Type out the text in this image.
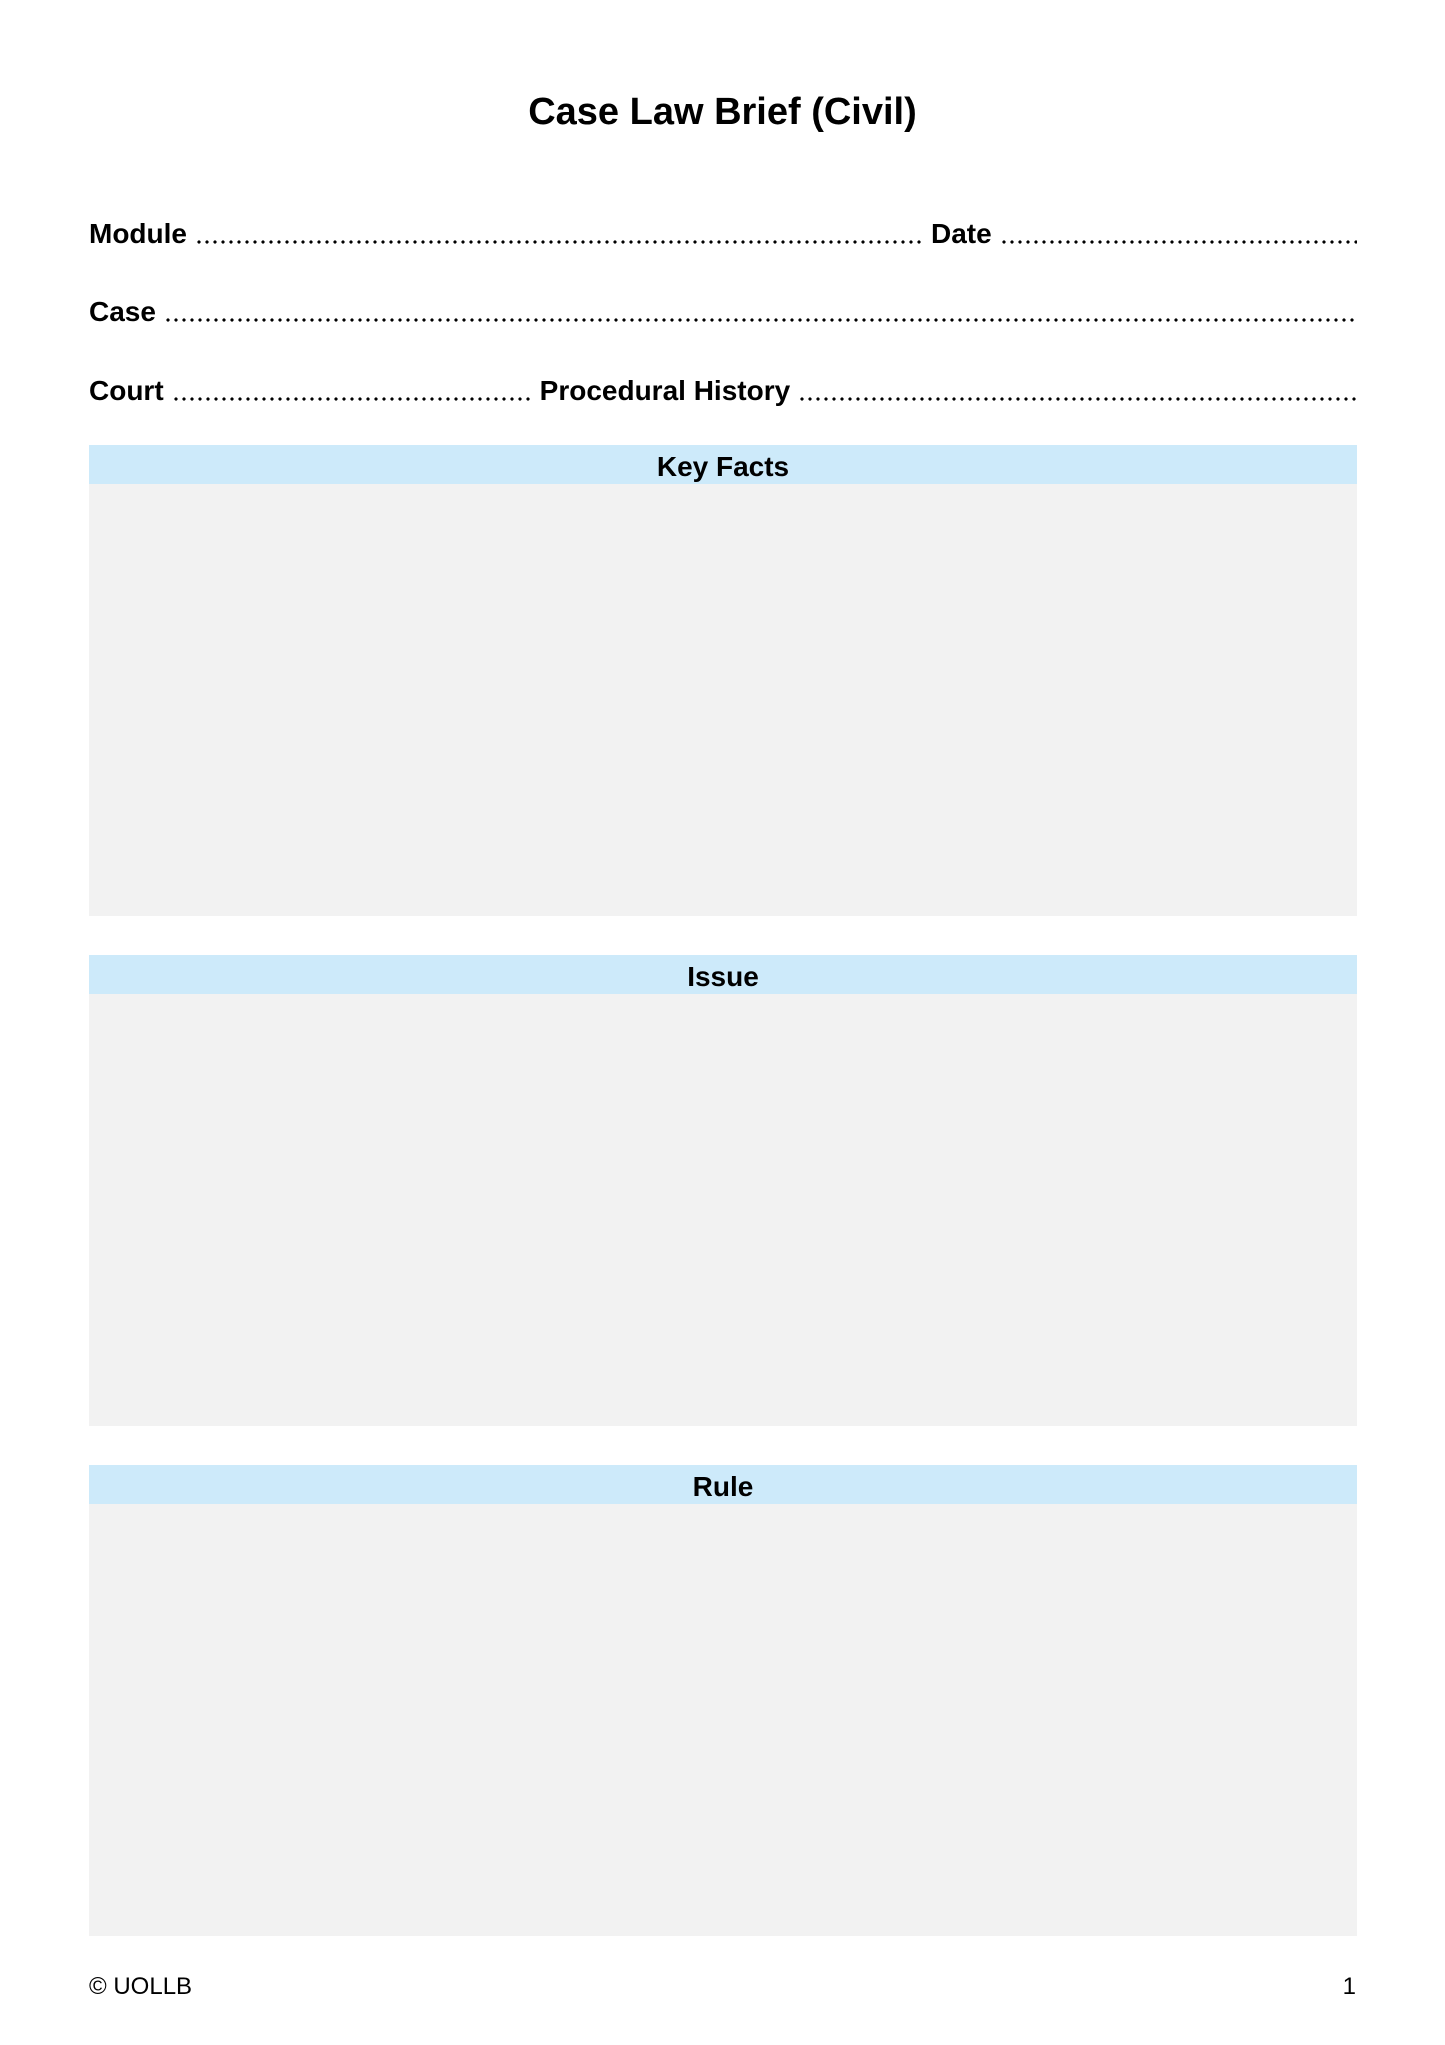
Case Law Brief (Civil)
Module	Date
Case
Court	Procedural History
Key Facts
Issue
Rule
© UOLLB	1
